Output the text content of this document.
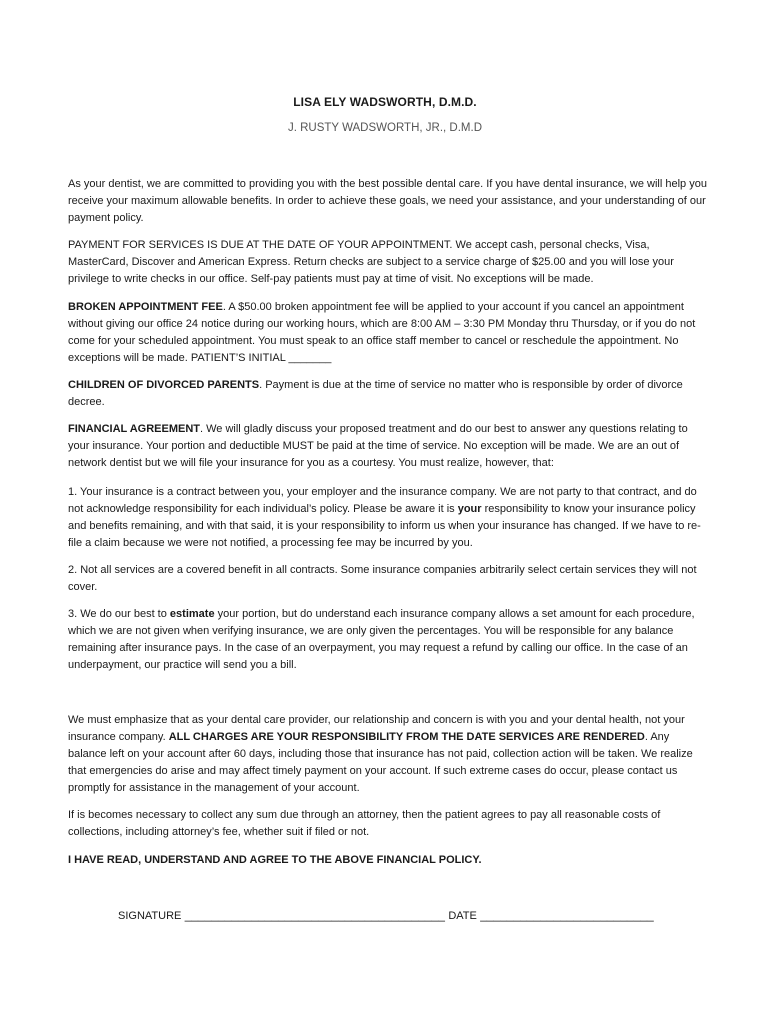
LISA ELY WADSWORTH, D.M.D.
J. RUSTY WADSWORTH, JR., D.M.D

As your dentist, we are committed to providing you with the best possible dental care. If you have dental insurance, we will help you receive your maximum allowable benefits. In order to achieve these goals, we need your assistance, and your understanding of our payment policy.

PAYMENT FOR SERVICES IS DUE AT THE DATE OF YOUR APPOINTMENT. We accept cash, personal checks, Visa, MasterCard, Discover and American Express. Return checks are subject to a service charge of $25.00 and you will lose your privilege to write checks in our office. Self-pay patients must pay at time of visit. No exceptions will be made.

BROKEN APPOINTMENT FEE. A $50.00 broken appointment fee will be applied to your account if you cancel an appointment without giving our office 24 notice during our working hours, which are 8:00 AM – 3:30 PM Monday thru Thursday, or if you do not come for your scheduled appointment. You must speak to an office staff member to cancel or reschedule the appointment. No exceptions will be made. PATIENT’S INITIAL _______

CHILDREN OF DIVORCED PARENTS. Payment is due at the time of service no matter who is responsible by order of divorce decree.

FINANCIAL AGREEMENT. We will gladly discuss your proposed treatment and do our best to answer any questions relating to your insurance. Your portion and deductible MUST be paid at the time of service. No exception will be made. We are an out of network dentist but we will file your insurance for you as a courtesy. You must realize, however, that:

1. Your insurance is a contract between you, your employer and the insurance company. We are not party to that contract, and do not acknowledge responsibility for each individual’s policy. Please be aware it is your responsibility to know your insurance policy and benefits remaining, and with that said, it is your responsibility to inform us when your insurance has changed. If we have to re-file a claim because we were not notified, a processing fee may be incurred by you.

2. Not all services are a covered benefit in all contracts. Some insurance companies arbitrarily select certain services they will not cover.

3. We do our best to estimate your portion, but do understand each insurance company allows a set amount for each procedure, which we are not given when verifying insurance, we are only given the percentages. You will be responsible for any balance remaining after insurance pays. In the case of an overpayment, you may request a refund by calling our office. In the case of an underpayment, our practice will send you a bill.

We must emphasize that as your dental care provider, our relationship and concern is with you and your dental health, not your insurance company. ALL CHARGES ARE YOUR RESPONSIBILITY FROM THE DATE SERVICES ARE RENDERED. Any balance left on your account after 60 days, including those that insurance has not paid, collection action will be taken. We realize that emergencies do arise and may affect timely payment on your account. If such extreme cases do occur, please contact us promptly for assistance in the management of your account.

If is becomes necessary to collect any sum due through an attorney, then the patient agrees to pay all reasonable costs of collections, including attorney’s fee, whether suit if filed or not.

I HAVE READ, UNDERSTAND AND AGREE TO THE ABOVE FINANCIAL POLICY.

SIGNATURE _______________________________________ DATE __________________________
